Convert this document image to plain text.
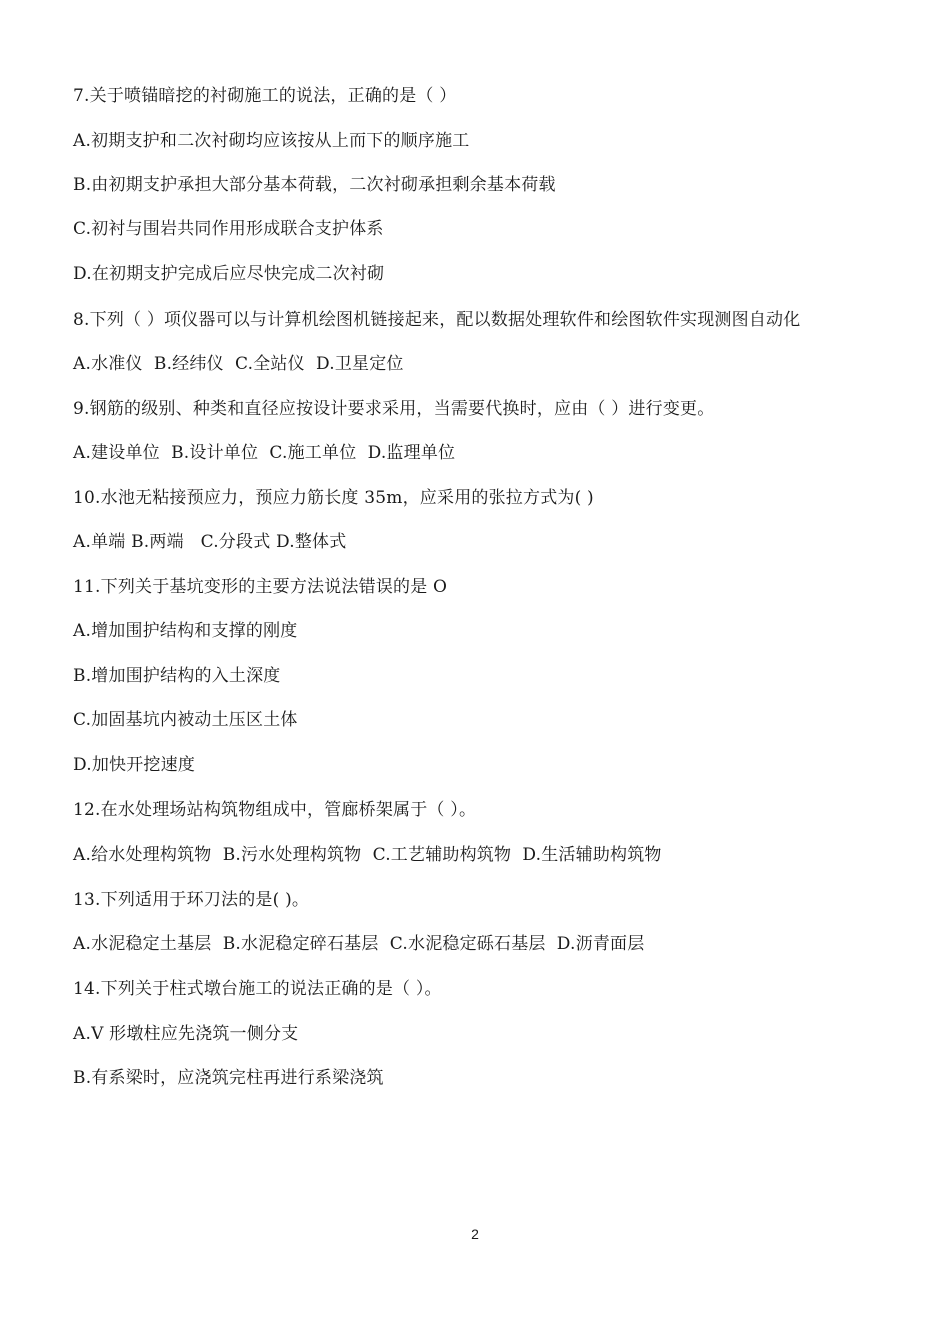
7.关于喷锚暗挖的衬砌施工的说法，正确的是（ ）
A.初期支护和二次衬砌均应该按从上而下的顺序施工
B.由初期支护承担大部分基本荷载，二次衬砌承担剩余基本荷载
C.初衬与围岩共同作用形成联合支护体系
D.在初期支护完成后应尽快完成二次衬砌
8.下列（ ）项仪器可以与计算机绘图机链接起来，配以数据处理软件和绘图软件实现测图自动化
A.水准仪  B.经纬仪  C.全站仪  D.卫星定位
9.钢筋的级别、种类和直径应按设计要求采用，当需要代换时，应由（ ）进行变更。
A.建设单位  B.设计单位  C.施工单位  D.监理单位
10.水池无粘接预应力，预应力筋长度 35m，应采用的张拉方式为( )
A.单端 B.两端   C.分段式 D.整体式
11.下列关于基坑变形的主要方法说法错误的是 O
A.增加围护结构和支撑的刚度
B.增加围护结构的入土深度
C.加固基坑内被动土压区土体
D.加快开挖速度
12.在水处理场站构筑物组成中，管廊桥架属于（ ）。
A.给水处理构筑物  B.污水处理构筑物  C.工艺辅助构筑物  D.生活辅助构筑物
13.下列适用于环刀法的是( )。
A.水泥稳定土基层  B.水泥稳定碎石基层  C.水泥稳定砾石基层  D.沥青面层
14.下列关于柱式墩台施工的说法正确的是（ ）。
A.V 形墩柱应先浇筑一侧分支
B.有系梁时，应浇筑完柱再进行系梁浇筑
2
